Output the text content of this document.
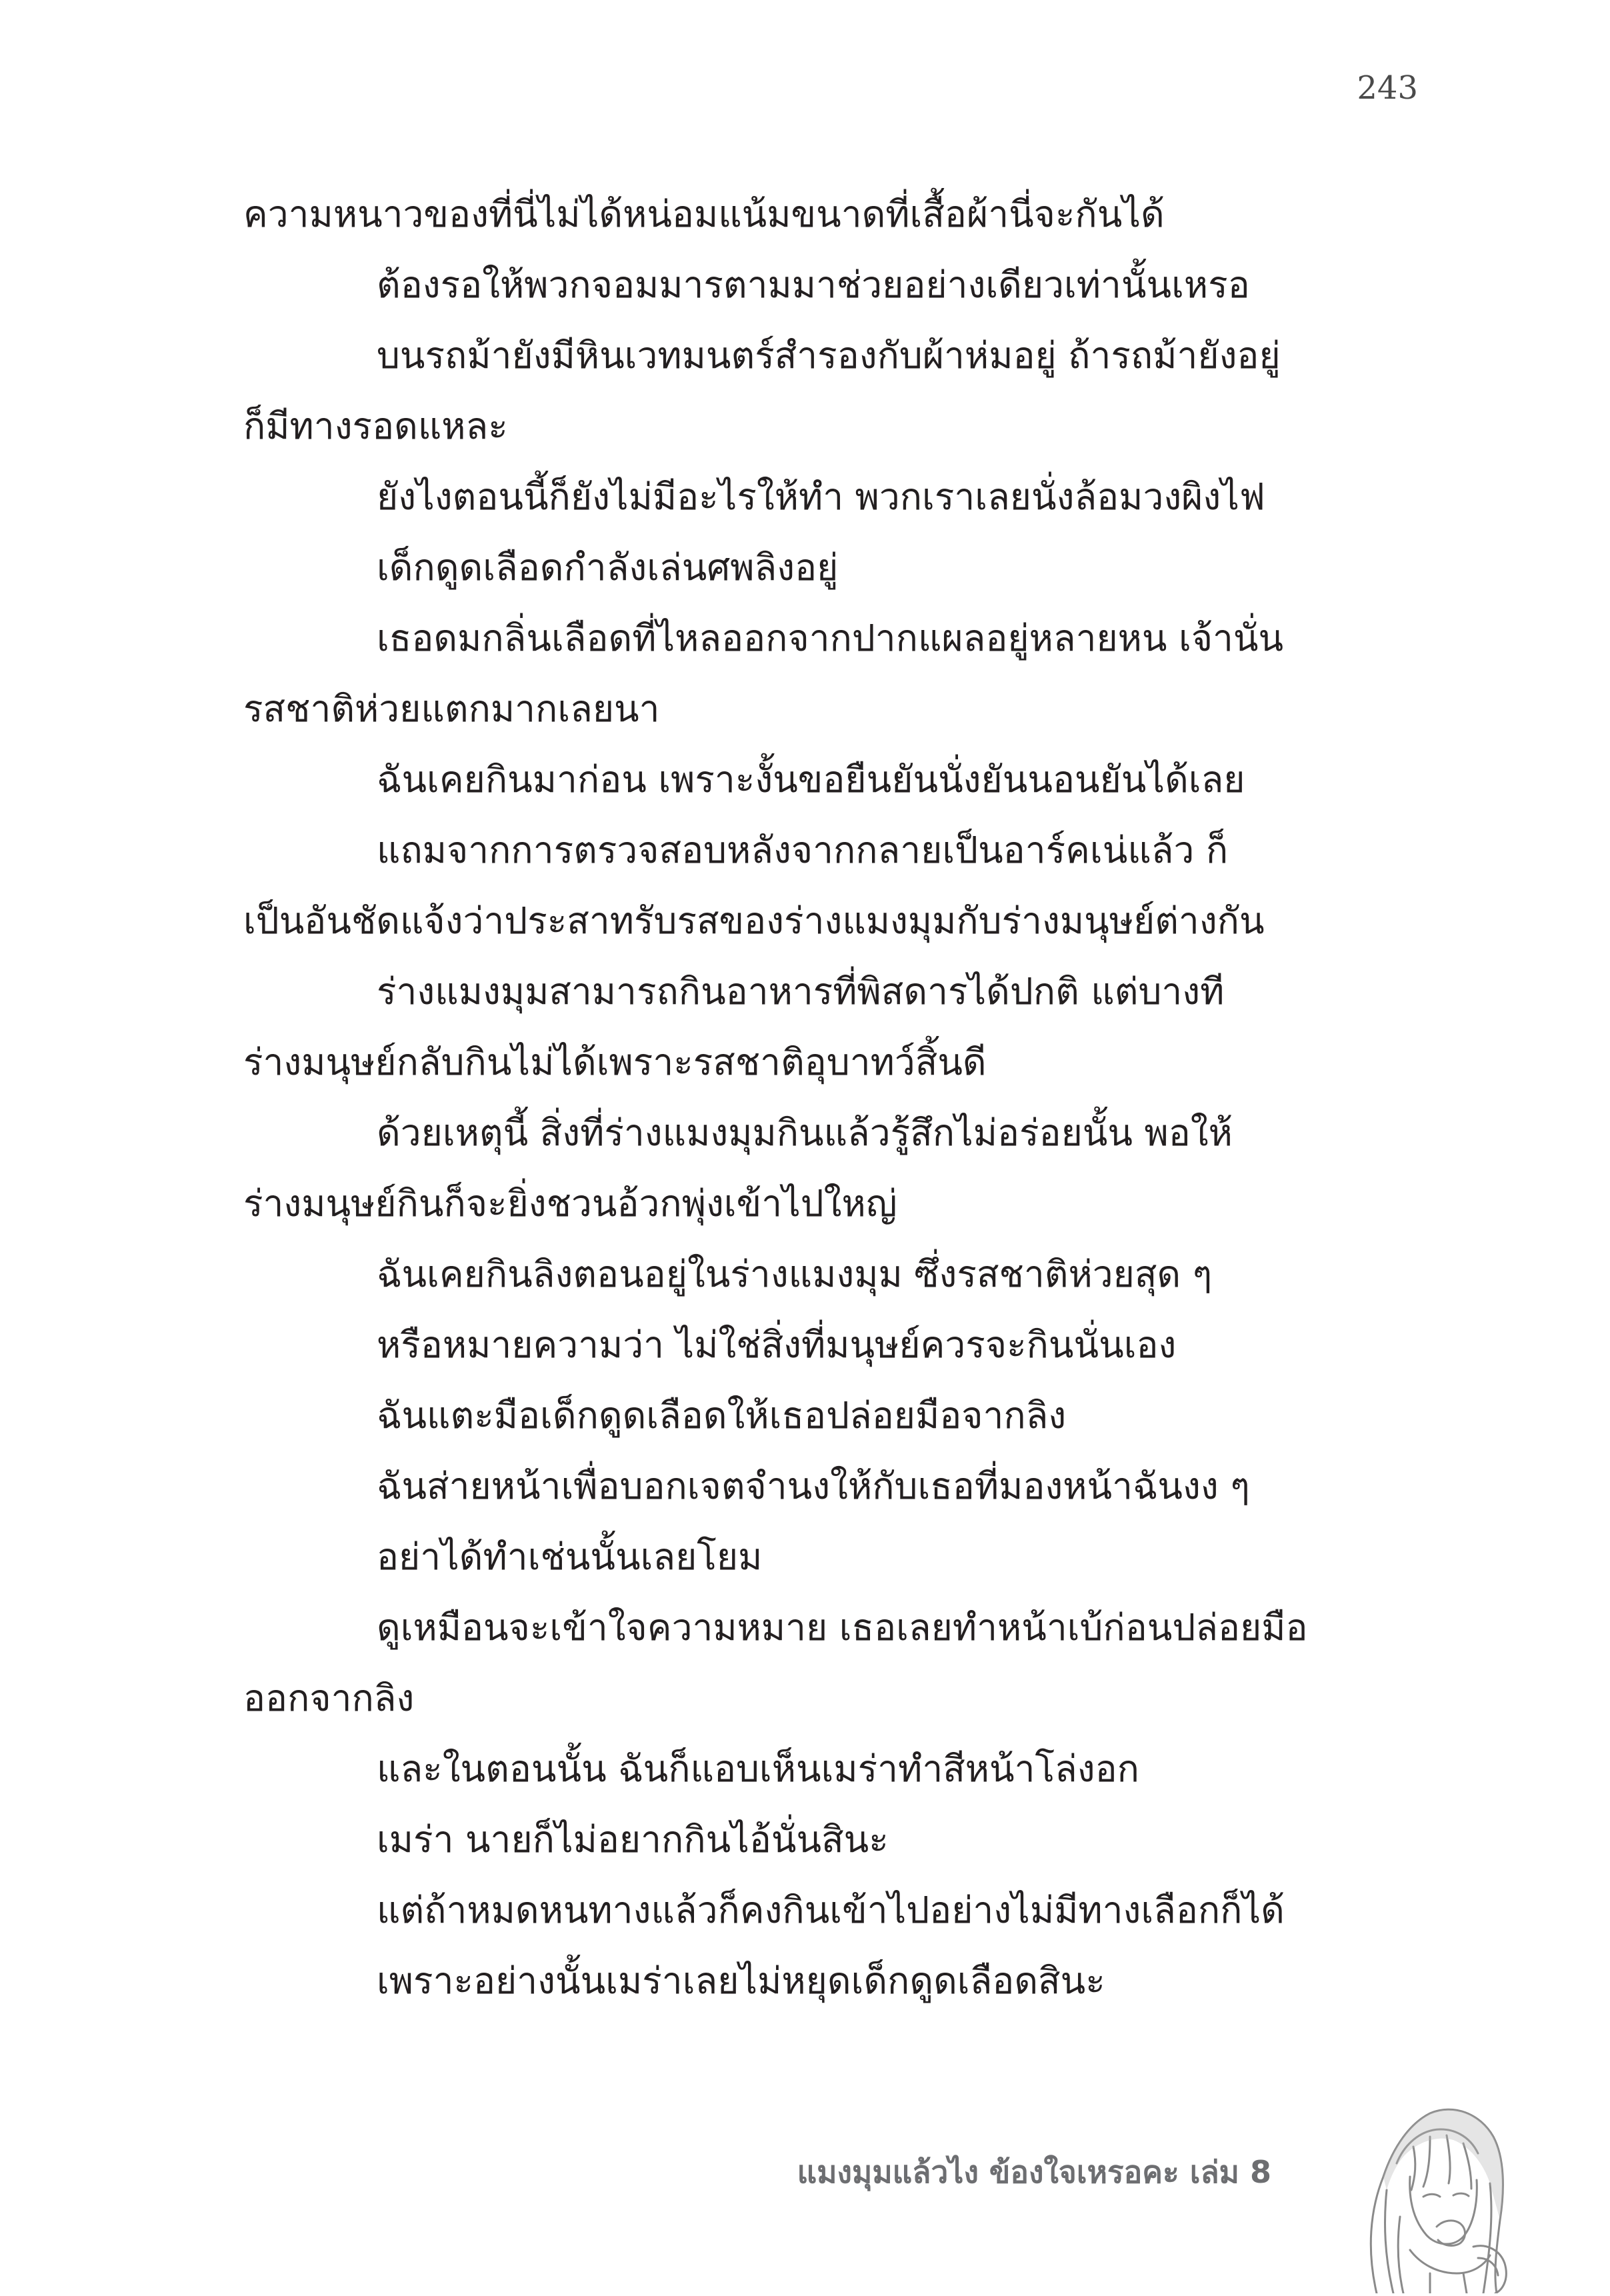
243
ความหนาวของที่นี่ไม่ได้หน่อมแน้มขนาดที่เสื้อผ้านี่จะกันได้
ต้องรอให้พวกจอมมารตามมาช่วยอย่างเดียวเท่านั้นเหรอ
บนรถม้ายังมีหินเวทมนตร์สำรองกับผ้าห่มอยู่ ถ้ารถม้ายังอยู่
ก็มีทางรอดแหละ
ยังไงตอนนี้ก็ยังไม่มีอะไรให้ทำ พวกเราเลยนั่งล้อมวงผิงไฟ
เด็กดูดเลือดกำลังเล่นศพลิงอยู่
เธอดมกลิ่นเลือดที่ไหลออกจากปากแผลอยู่หลายหน เจ้านั่น
รสชาติห่วยแตกมากเลยนา
ฉันเคยกินมาก่อน เพราะงั้นขอยืนยันนั่งยันนอนยันได้เลย
แถมจากการตรวจสอบหลังจากกลายเป็นอาร์คเน่แล้ว ก็
เป็นอันชัดแจ้งว่าประสาทรับรสของร่างแมงมุมกับร่างมนุษย์ต่างกัน
ร่างแมงมุมสามารถกินอาหารที่พิสดารได้ปกติ แต่บางที
ร่างมนุษย์กลับกินไม่ได้เพราะรสชาติอุบาทว์สิ้นดี
ด้วยเหตุนี้ สิ่งที่ร่างแมงมุมกินแล้วรู้สึกไม่อร่อยนั้น พอให้
ร่างมนุษย์กินก็จะยิ่งชวนอ้วกพุ่งเข้าไปใหญ่
ฉันเคยกินลิงตอนอยู่ในร่างแมงมุม ซึ่งรสชาติห่วยสุด ๆ
หรือหมายความว่า ไม่ใช่สิ่งที่มนุษย์ควรจะกินนั่นเอง
ฉันแตะมือเด็กดูดเลือดให้เธอปล่อยมือจากลิง
ฉันส่ายหน้าเพื่อบอกเจตจำนงให้กับเธอที่มองหน้าฉันงง ๆ
อย่าได้ทำเช่นนั้นเลยโยม
ดูเหมือนจะเข้าใจความหมาย เธอเลยทำหน้าเบ้ก่อนปล่อยมือ
ออกจากลิง
และในตอนนั้น ฉันก็แอบเห็นเมร่าทำสีหน้าโล่งอก
เมร่า นายก็ไม่อยากกินไอ้นั่นสินะ
แต่ถ้าหมดหนทางแล้วก็คงกินเข้าไปอย่างไม่มีทางเลือกก็ได้
เพราะอย่างนั้นเมร่าเลยไม่หยุดเด็กดูดเลือดสินะ
แมงมุมแล้วไง ข้องใจเหรอคะ เล่ม 8
